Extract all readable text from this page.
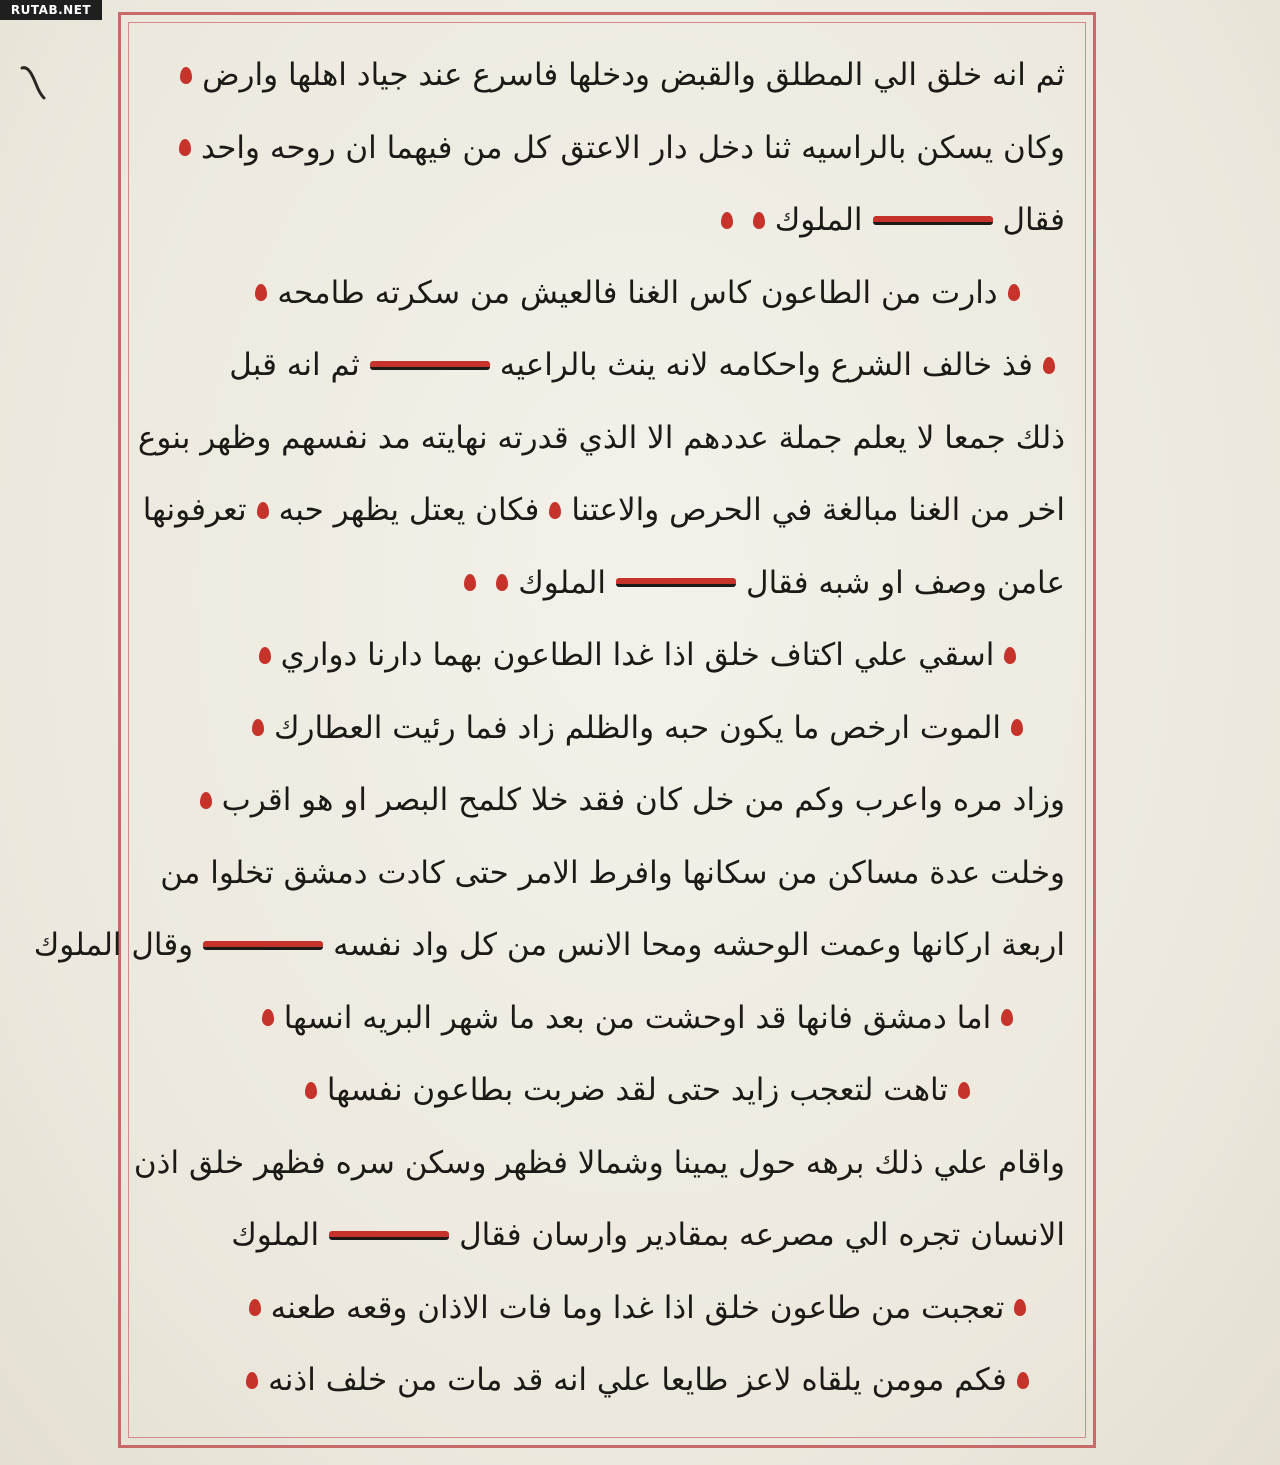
RUTAB.NET
ثم انه خلق الي المطلق والقبض ودخلها فاسرع عند جياد اهلها وارض
وكان يسكن بالراسيه ثنا دخل دار الاعتق كل من فيهما ان روحه واحد
فقال
الملوك
دارت من الطاعون كاس الغنا فالعيش من سكرته طامحه
فذ خالف الشرع واحكامه لانه ينث بالراعيه
ثم انه قبل
ذلك جمعا لا يعلم جملة عددهم الا الذي قدرته نهايته مد نفسهم وظهر بنوع
اخر من الغنا مبالغة في الحرص والاعتنا
فكان يعتل يظهر حبه
تعرفونها
عامن وصف او شبه فقال
الملوك
اسقي علي اكتاف خلق اذا غدا الطاعون بهما دارنا دواري
الموت ارخص ما يكون حبه والظلم زاد فما رئيت العطارك
وزاد مره واعرب وكم من خل كان فقد خلا كلمح البصر او هو اقرب
وخلت عدة مساكن من سكانها وافرط الامر حتى كادت دمشق تخلوا من
اربعة اركانها وعمت الوحشه ومحا الانس من كل واد نفسه
وقال الملوك
اما دمشق فانها قد اوحشت من بعد ما شهر البريه انسها
تاهت لتعجب زايد حتى لقد ضربت بطاعون نفسها
واقام علي ذلك برهه حول يمينا وشمالا فظهر وسكن سره فظهر خلق اذن
الانسان تجره الي مصرعه بمقادير وارسان فقال
الملوك
تعجبت من طاعون خلق اذا غدا وما فات الاذان وقعه طعنه
فكم مومن يلقاه لاعز طايعا علي انه قد مات من خلف اذنه
